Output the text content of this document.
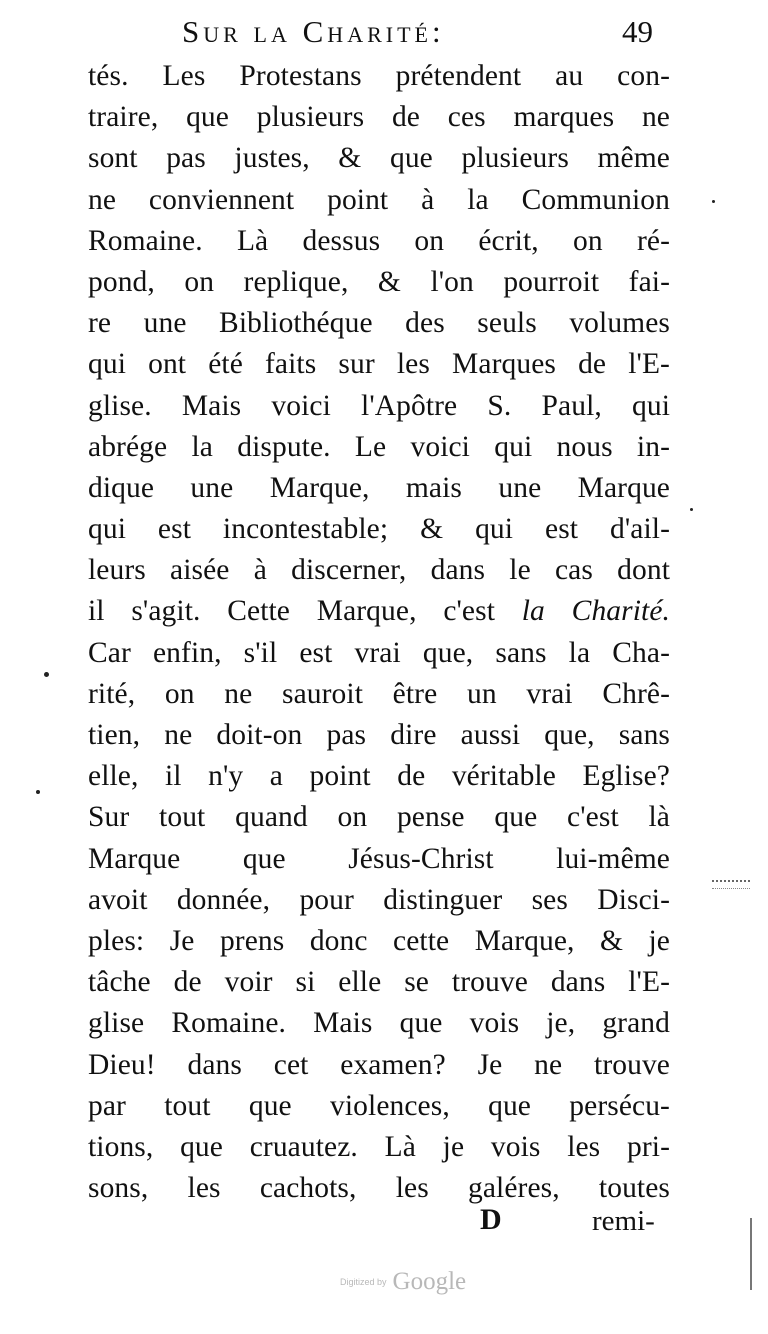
Sur la Charité:	49
tés. Les Protestans prétendent au con-
traire, que plusieurs de ces marques ne
sont pas justes, & que plusieurs même
ne conviennent point à la Communion
Romaine. Là dessus on écrit, on ré-
pond, on replique, & l'on pourroit fai-
re une Bibliothéque des seuls volumes
qui ont été faits sur les Marques de l'E-
glise. Mais voici l'Apôtre S. Paul, qui
abrége la dispute. Le voici qui nous in-
dique une Marque, mais une Marque
qui est incontestable; & qui est d'ail-
leurs aisée à discerner, dans le cas dont
il s'agit. Cette Marque, c'est la Charité.
Car enfin, s'il est vrai que, sans la Cha-
rité, on ne sauroit être un vrai Chrê-
tien, ne doit-on pas dire aussi que, sans
elle, il n'y a point de véritable Eglise?
Sur tout quand on pense que c'est là
Marque que Jésus-Christ lui-même
avoit donnée, pour distinguer ses Disci-
ples: Je prens donc cette Marque, & je
tâche de voir si elle se trouve dans l'E-
glise Romaine. Mais que vois je, grand
Dieu! dans cet examen? Je ne trouve
par tout que violences, que persécu-
tions, que cruautez. Là je vois les pri-
sons, les cachots, les galéres, toutes
D	remi-
Digitized by Google
